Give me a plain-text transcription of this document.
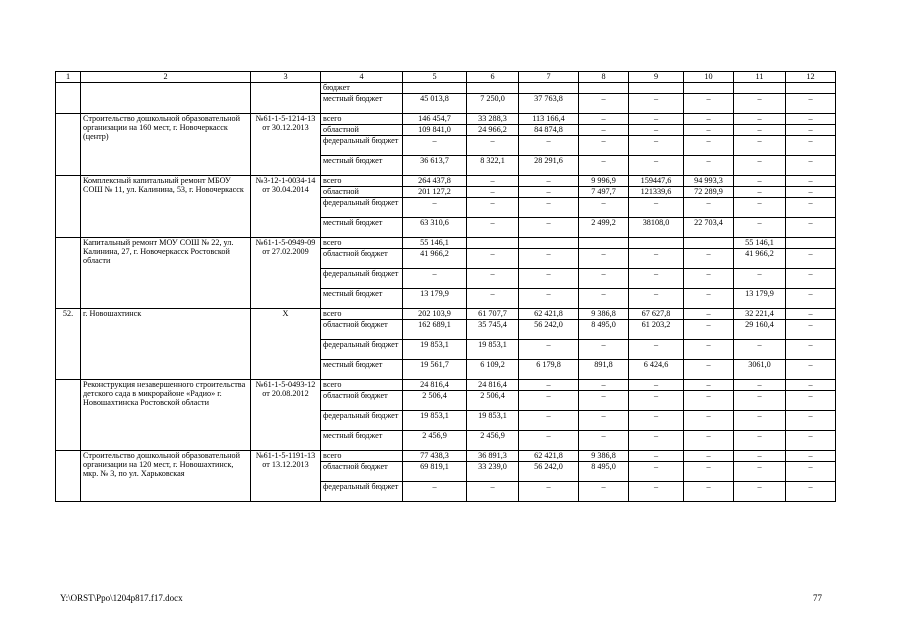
1	2	3	4	5	6	7	8	9	10	11	12
			бюджет								
			местный бюджет	45 013,8	7 250,0	37 763,8	–	–	–	–	–
	Строительство дошкольной образовательной организации на 160 мест, г. Новочеркасск (центр)	№61-1-5-1214-13 от 30.12.2013	всего	146 454,7	33 288,3	113 166,4	–	–	–	–	–
			областной	109 841,0	24 966,2	84 874,8	–	–	–	–	–
			федеральный бюджет	–	–	–	–	–	–	–	–
			местный бюджет	36 613,7	8 322,1	28 291,6	–	–	–	–	–
	Комплексный капитальный ремонт МБОУ СОШ № 11, ул. Калинина, 53, г. Новочеркасск	№3-12-1-0034-14 от 30.04.2014	всего	264 437,8	–	–	9 996,9	159447,6	94 993,3	–	–
			областной	201 127,2	–	–	7 497,7	121339,6	72 289,9	–	–
			федеральный бюджет	–	–	–	–	–	–	–	–
			местный бюджет	63 310,6	–	–	2 499,2	38108,0	22 703,4	–	–
	Капитальный ремонт МОУ СОШ № 22, ул. Калинина, 27, г. Новочеркасск Ростовской области	№61-1-5-0949-09 от 27.02.2009	всего	55 146,1						55 146,1	
			областной бюджет	41 966,2	–	–	–	–	–	41 966,2	–
			федеральный бюджет	–	–	–	–	–	–	–	–
			местный бюджет	13 179,9	–	–	–	–	–	13 179,9	–
52.	г. Новошахтинск	Х	всего	202 103,9	61 707,7	62 421,8	9 386,8	67 627,8	–	32 221,4	–
			областной бюджет	162 689,1	35 745,4	56 242,0	8 495,0	61 203,2	–	29 160,4	–
			федеральный бюджет	19 853,1	19 853,1	–	–	–	–	–	–
			местный бюджет	19 561,7	6 109,2	6 179,8	891,8	6 424,6	–	3061,0	–
	Реконструкция незавершенного строительства детского сада в микрорайоне «Радио» г. Новошахтинска Ростовской области	№61-1-5-0493-12 от 20.08.2012	всего	24 816,4	24 816,4	–	–	–	–	–	–
			областной бюджет	2 506,4	2 506,4	–	–	–	–	–	–
			федеральный бюджет	19 853,1	19 853,1	–	–	–	–	–	–
			местный бюджет	2 456,9	2 456,9	–	–	–	–	–	–
	Строительство дошкольной образовательной организации на 120 мест, г. Новошахтинск, мкр. № 3, по ул. Харьковская	№61-1-5-1191-13 от 13.12.2013	всего	77 438,3	36 891,3	62 421,8	9 386,8	–	–	–	–
			областной бюджет	69 819,1	33 239,0	56 242,0	8 495,0	–	–	–	–
			федеральный бюджет	–	–	–	–	–	–	–	–
Y:\ORST\Ppo\1204p817.f17.docx	77
